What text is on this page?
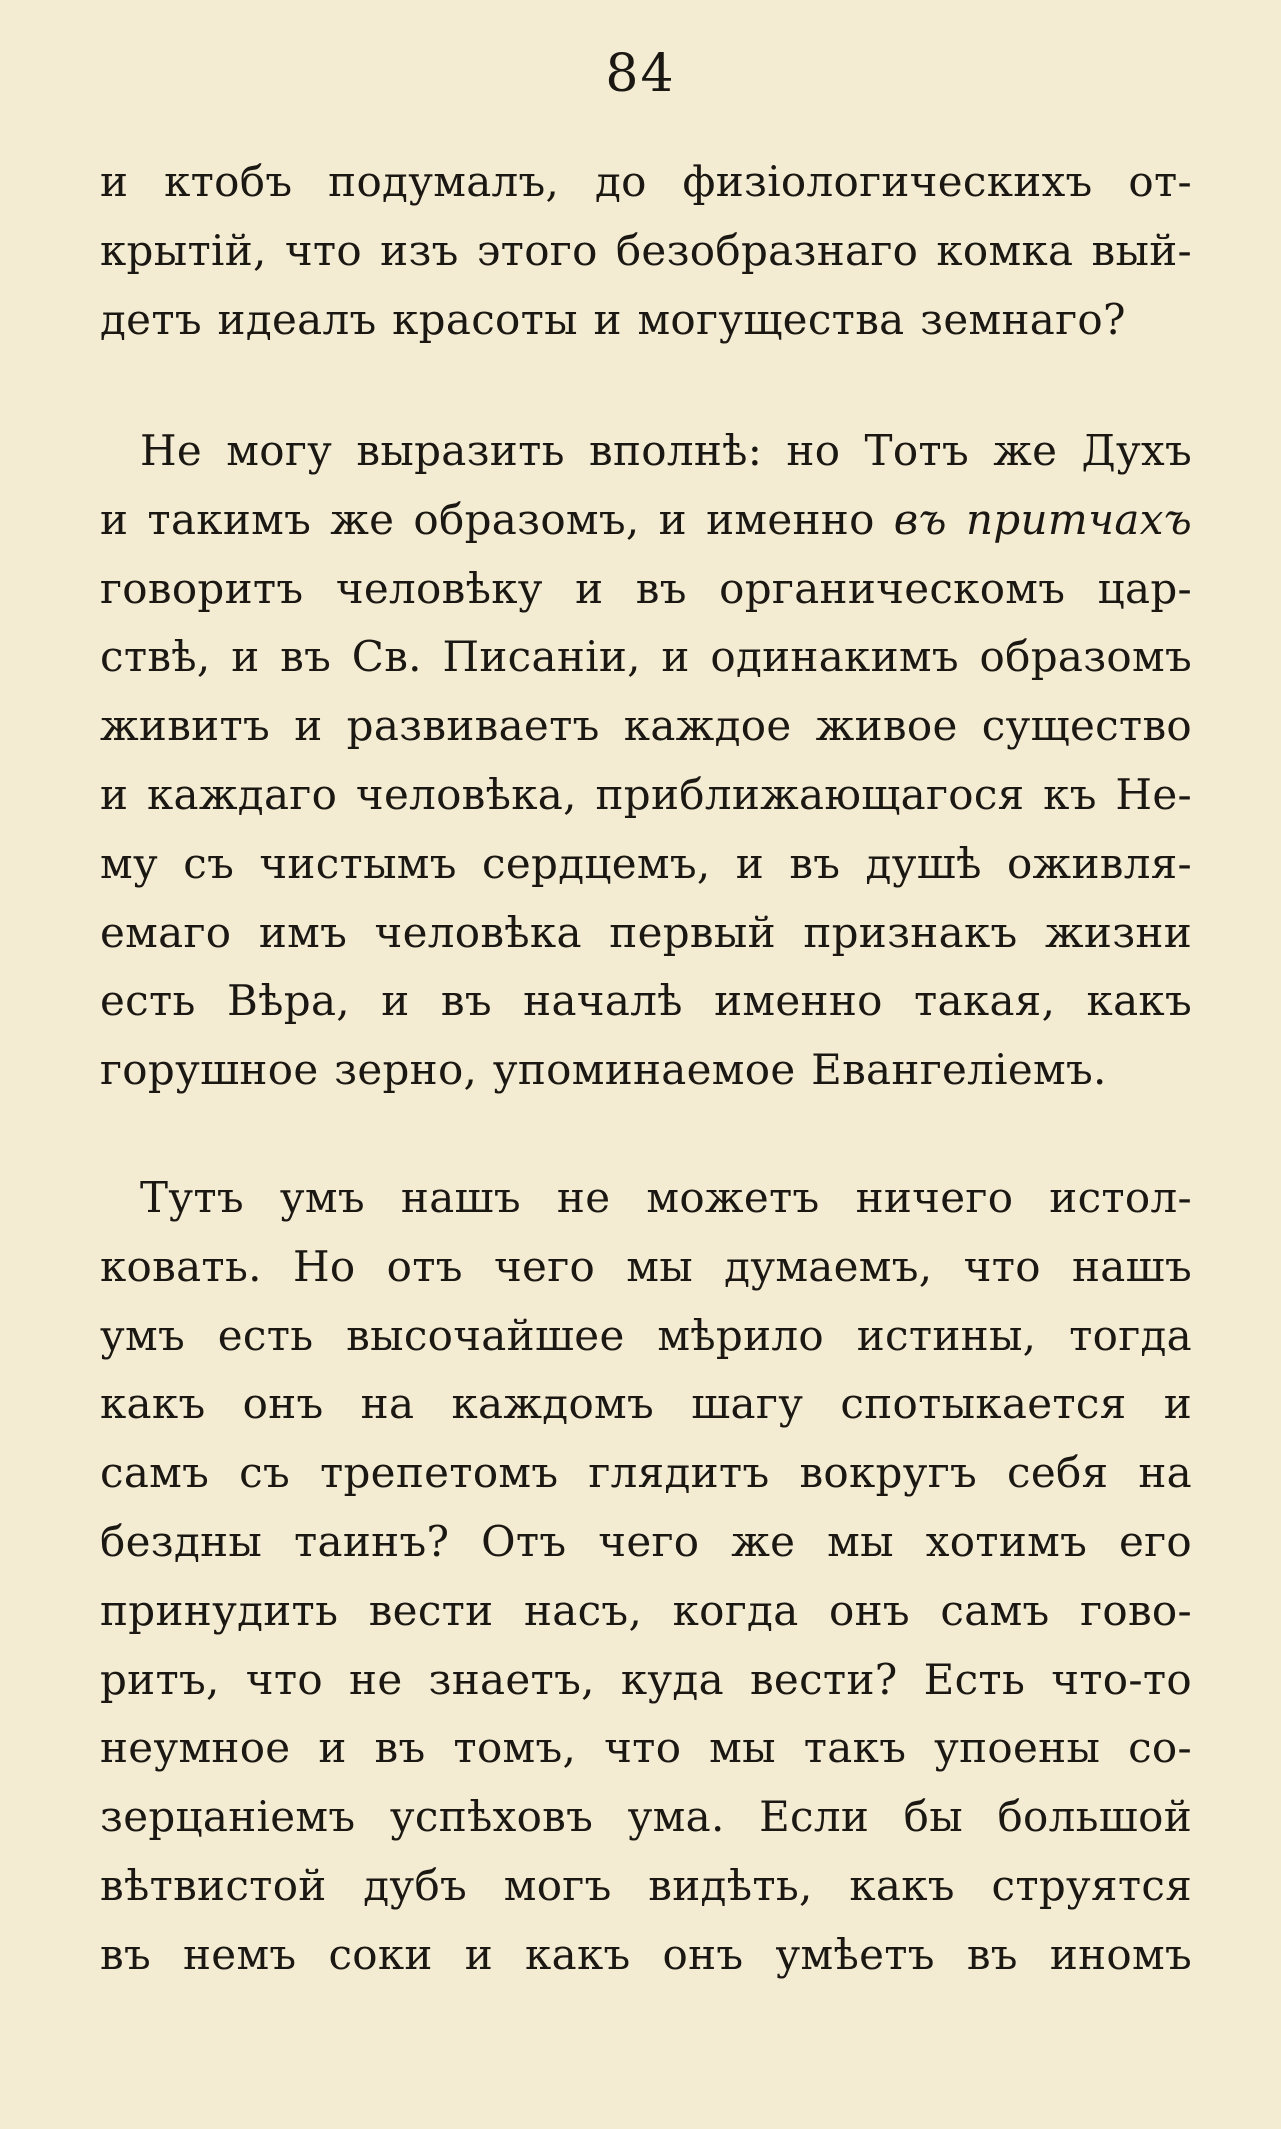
84
и ктобъ подумалъ, до физiологическихъ от-
крытiй, что изъ этого безобразнаго комка вый-
детъ идеалъ красоты и могущества земнаго?
Не могу выразить вполнѣ: но Тотъ же Духъ
и такимъ же образомъ, и именно въ притчахъ
говоритъ человѣку и въ органическомъ цар-
ствѣ, и въ Св. Писанiи, и одинакимъ образомъ
живитъ и развиваетъ каждое живое существо
и каждаго человѣка, приближающагося къ Не-
му съ чистымъ сердцемъ, и въ душѣ оживля-
емаго имъ человѣка первый признакъ жизни
есть Вѣра, и въ началѣ именно такая, какъ
горушное зерно, упоминаемое Евангелiемъ.
Тутъ умъ нашъ не можетъ ничего истол-
ковать. Но отъ чего мы думаемъ, что нашъ
умъ есть высочайшее мѣрило истины, тогда
какъ онъ на каждомъ шагу спотыкается и
самъ съ трепетомъ глядитъ вокругъ себя на
бездны таинъ? Отъ чего же мы хотимъ его
принудить вести насъ, когда онъ самъ гово-
ритъ, что не знаетъ, куда вести? Есть что-то
неумное и въ томъ, что мы такъ упоены со-
зерцанiемъ успѣховъ ума. Если бы большой
вѣтвистой дубъ могъ видѣть, какъ струятся
въ немъ соки и какъ онъ умѣетъ въ иномъ
